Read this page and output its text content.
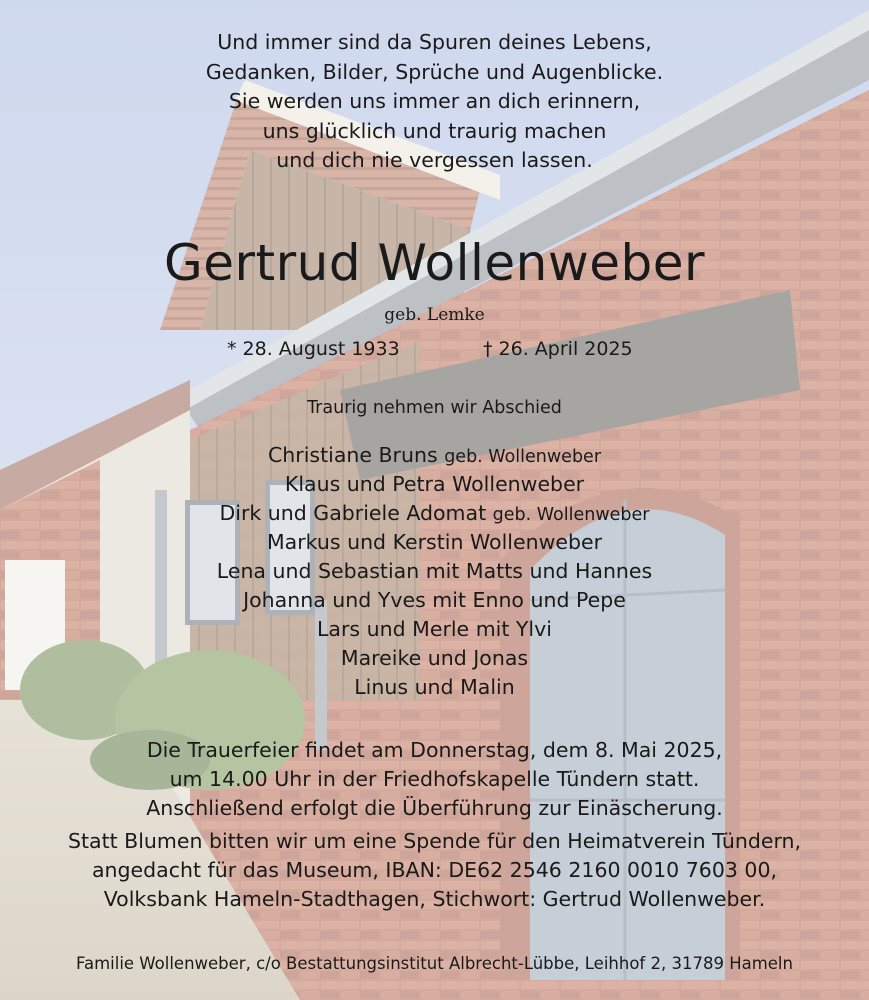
Und immer sind da Spuren deines Lebens,
Gedanken, Bilder, Sprüche und Augenblicke.
Sie werden uns immer an dich erinnern,
uns glücklich und traurig machen
und dich nie vergessen lassen.
Gertrud Wollenweber
geb. Lemke
* 28. August 1933	† 26. April 2025
Traurig nehmen wir Abschied
Christiane Bruns geb. Wollenweber
Klaus und Petra Wollenweber
Dirk und Gabriele Adomat geb. Wollenweber
Markus und Kerstin Wollenweber
Lena und Sebastian mit Matts und Hannes
Johanna und Yves mit Enno und Pepe
Lars und Merle mit Ylvi
Mareike und Jonas
Linus und Malin
Die Trauerfeier findet am Donnerstag, dem 8. Mai 2025,
um 14.00 Uhr in der Friedhofskapelle Tündern statt.
Anschließend erfolgt die Überführung zur Einäscherung.
Statt Blumen bitten wir um eine Spende für den Heimatverein Tündern,
angedacht für das Museum, IBAN: DE62 2546 2160 0010 7603 00,
Volksbank Hameln-Stadthagen, Stichwort: Gertrud Wollenweber.
Familie Wollenweber, c/o Bestattungsinstitut Albrecht-Lübbe, Leihhof 2, 31789 Hameln
